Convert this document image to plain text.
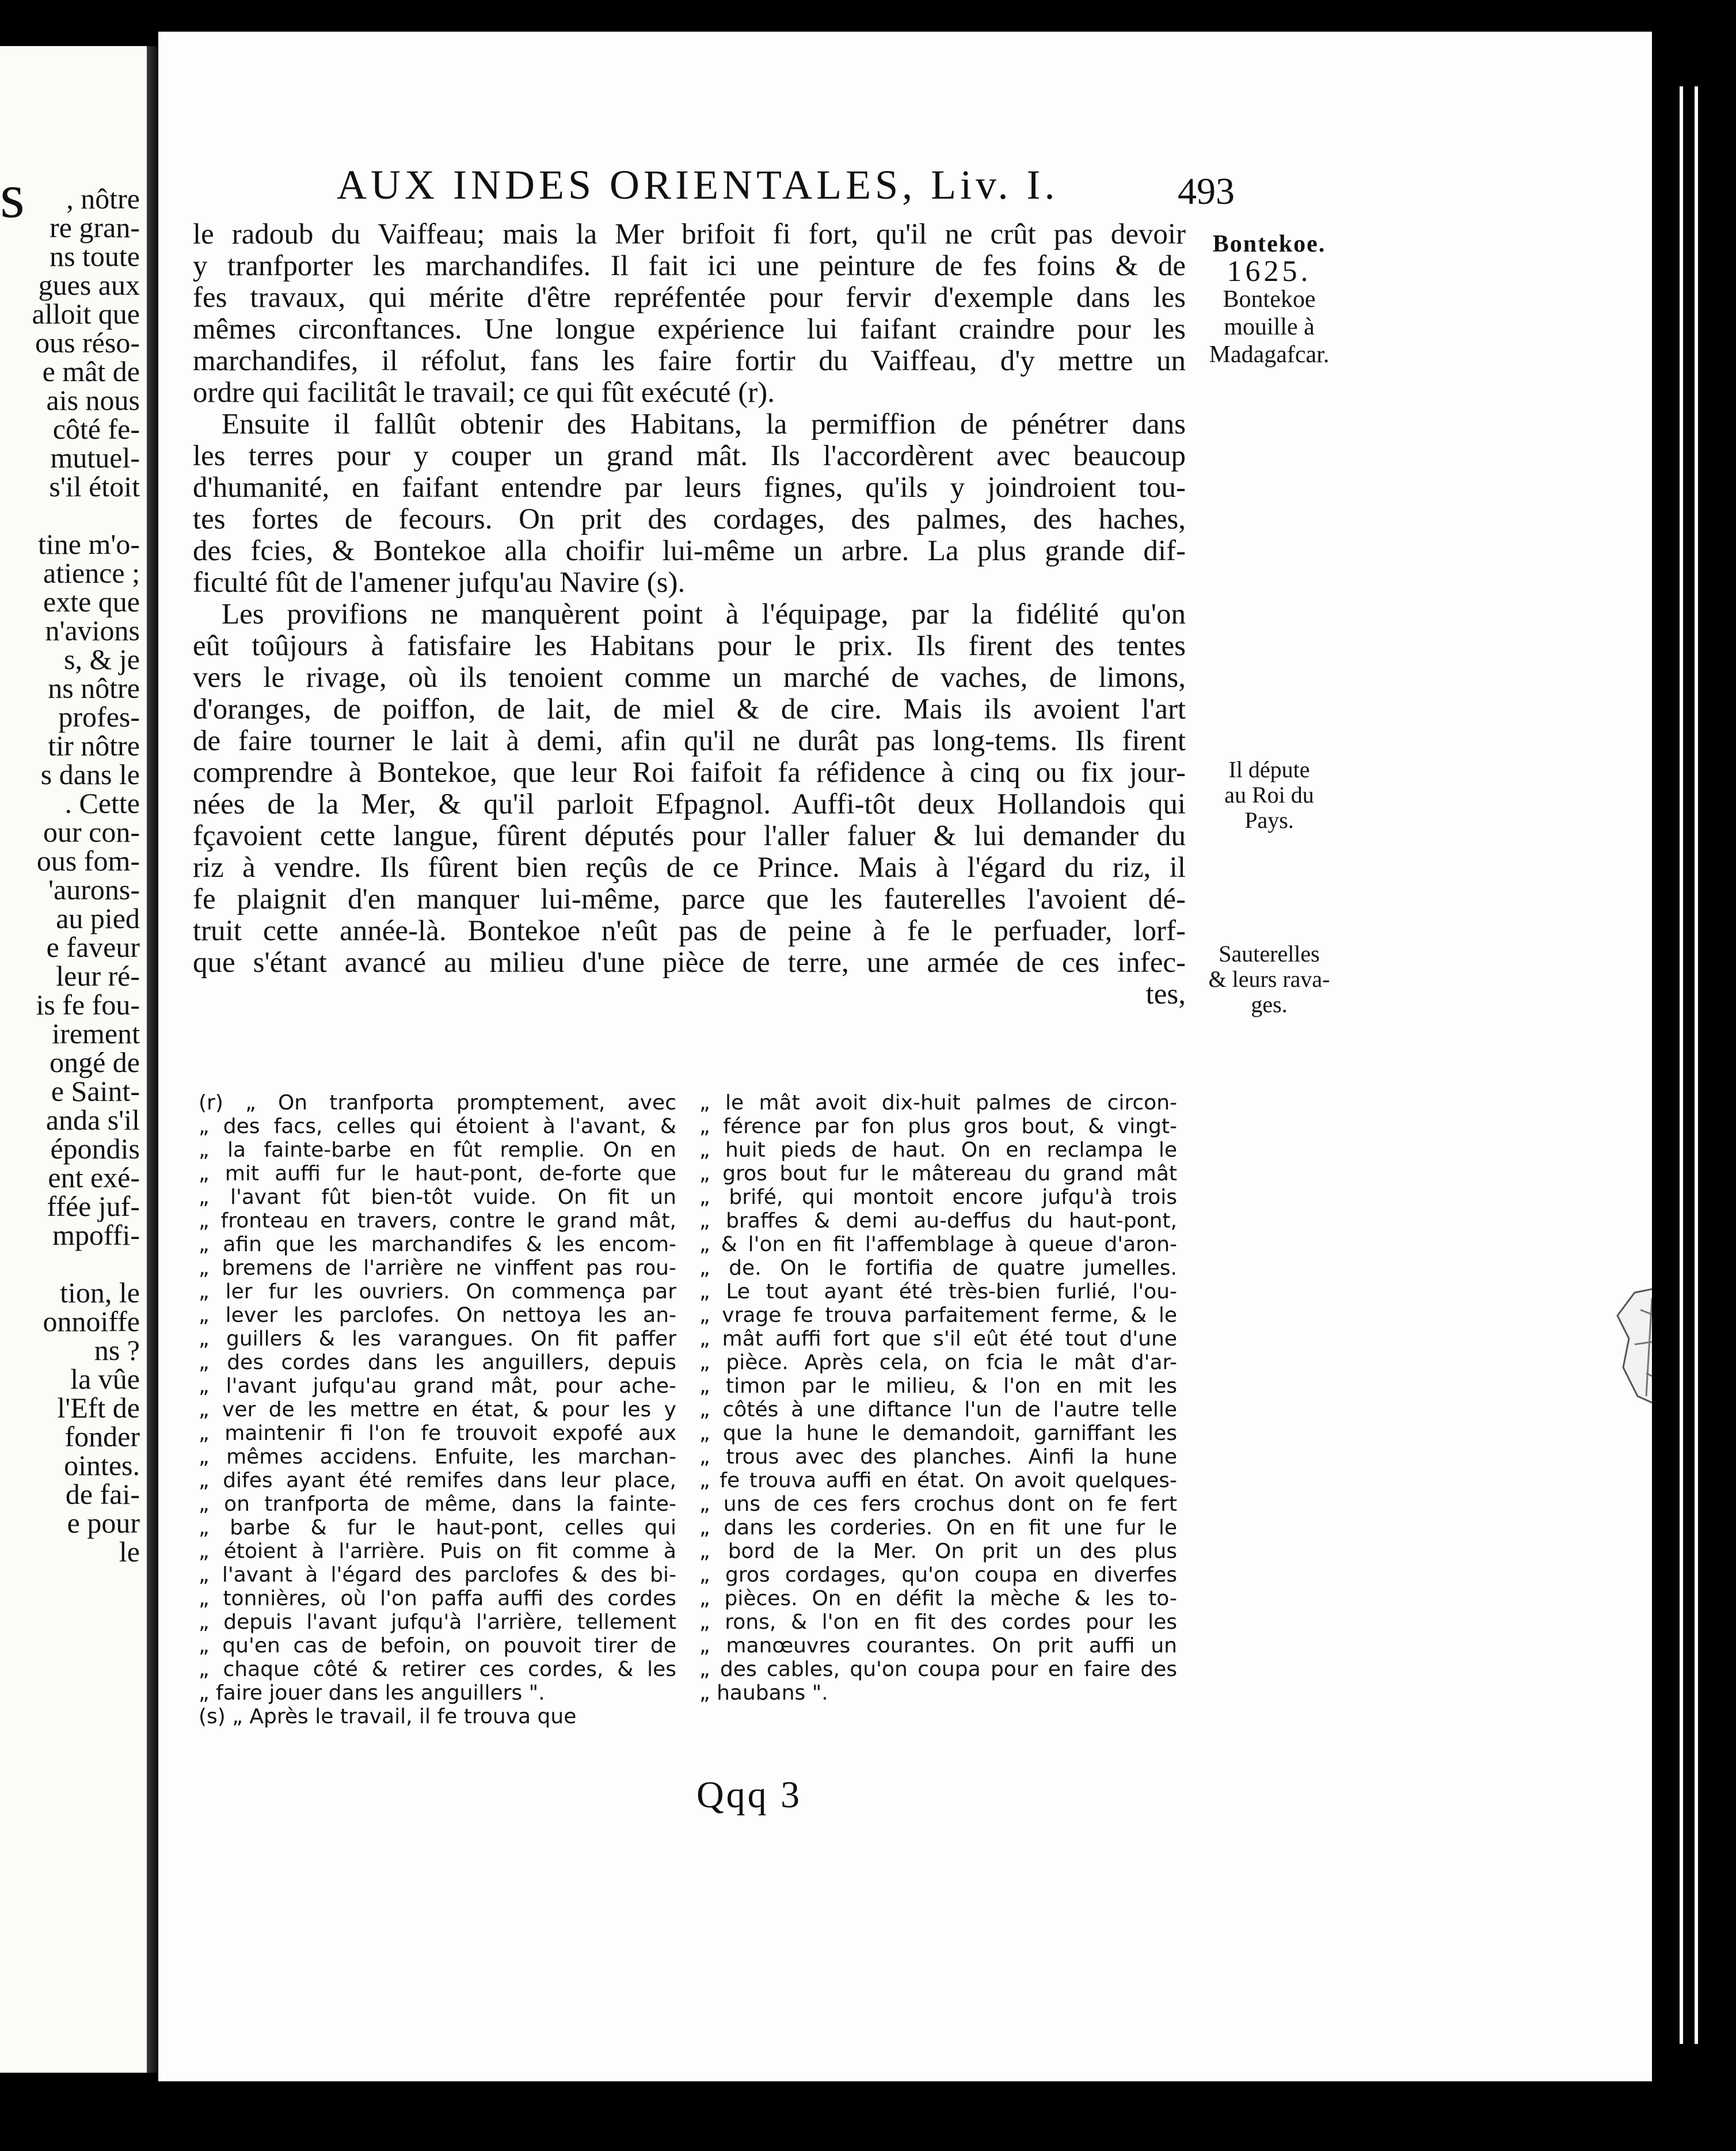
s , nôtre
re gran-
ns toute
gues aux
alloit que
ous réso-
e mât de
ais nous
côté fe-
mutuel-
s'il étoit
tine m'o-
atience ;
exte que
n'avions
s, & je
ns nôtre
profes-
tir nôtre
s dans le
. Cette
our con-
ous fom-
'aurons-
au pied
e faveur
leur ré-
is fe fou-
irement
ongé de
e Saint-
anda s'il
épondis
ent exé-
ffée juf-
mpoffi-
tion, le
onnoiffe
ns ?
la vûe
l'Eft de
fonder
ointes.
de fai-
e pour
le
AUX INDES ORIENTALES, Liv. I.	493
le radoub du Vaiffeau; mais la Mer brifoit fi fort, qu'il ne crût pas devoir
y tranfporter les marchandifes. Il fait ici une peinture de fes foins & de
fes travaux, qui mérite d'être repréfentée pour fervir d'exemple dans les
mêmes circonftances. Une longue expérience lui faifant craindre pour les
marchandifes, il réfolut, fans les faire fortir du Vaiffeau, d'y mettre un
ordre qui facilitât le travail; ce qui fût exécuté (r).
Ensuite il fallût obtenir des Habitans, la permiffion de pénétrer dans
les terres pour y couper un grand mât. Ils l'accordèrent avec beaucoup
d'humanité, en faifant entendre par leurs fignes, qu'ils y joindroient tou-
tes fortes de fecours. On prit des cordages, des palmes, des haches,
des fcies, & Bontekoe alla choifir lui-même un arbre. La plus grande dif-
ficulté fût de l'amener jufqu'au Navire (s).
Les provifions ne manquèrent point à l'équipage, par la fidélité qu'on
eût toûjours à fatisfaire les Habitans pour le prix. Ils firent des tentes
vers le rivage, où ils tenoient comme un marché de vaches, de limons,
d'oranges, de poiffon, de lait, de miel & de cire. Mais ils avoient l'art
de faire tourner le lait à demi, afin qu'il ne durât pas long-tems. Ils firent
comprendre à Bontekoe, que leur Roi faifoit fa réfidence à cinq ou fix jour-
nées de la Mer, & qu'il parloit Efpagnol. Auffi-tôt deux Hollandois qui
fçavoient cette langue, fûrent députés pour l'aller faluer & lui demander du
riz à vendre. Ils fûrent bien reçûs de ce Prince. Mais à l'égard du riz, il
fe plaignit d'en manquer lui-même, parce que les fauterelles l'avoient dé-
truit cette année-là. Bontekoe n'eût pas de peine à fe le perfuader, lorf-
que s'étant avancé au milieu d'une pièce de terre, une armée de ces infec-
tes,
Bontekoe.
1625.
Bontekoe
mouille à
Madagafcar.
Il députe
au Roi du
Pays.
Sauterelles
& leurs rava-
ges.
(r) „ On tranfporta promptement, avec
„ des facs, celles qui étoient à l'avant, &
„ la fainte-barbe en fût remplie. On en
„ mit auffi fur le haut-pont, de-forte que
„ l'avant fût bien-tôt vuide. On fit un
„ fronteau en travers, contre le grand mât,
„ afin que les marchandifes & les encom-
„ bremens de l'arrière ne vinffent pas rou-
„ ler fur les ouvriers. On commença par
„ lever les parclofes. On nettoya les an-
„ guillers & les varangues. On fit paffer
„ des cordes dans les anguillers, depuis
„ l'avant jufqu'au grand mât, pour ache-
„ ver de les mettre en état, & pour les y
„ maintenir fi l'on fe trouvoit expofé aux
„ mêmes accidens. Enfuite, les marchan-
„ difes ayant été remifes dans leur place,
„ on tranfporta de même, dans la fainte-
„ barbe & fur le haut-pont, celles qui
„ étoient à l'arrière. Puis on fit comme à
„ l'avant à l'égard des parclofes & des bi-
„ tonnières, où l'on paffa auffi des cordes
„ depuis l'avant jufqu'à l'arrière, tellement
„ qu'en cas de befoin, on pouvoit tirer de
„ chaque côté & retirer ces cordes, & les
„ faire jouer dans les anguillers ".
(s) „ Après le travail, il fe trouva que
„ le mât avoit dix-huit palmes de circon-
„ férence par fon plus gros bout, & vingt-
„ huit pieds de haut. On en reclampa le
„ gros bout fur le mâtereau du grand mât
„ brifé, qui montoit encore jufqu'à trois
„ braffes & demi au-deffus du haut-pont,
„ & l'on en fit l'affemblage à queue d'aron-
„ de. On le fortifia de quatre jumelles.
„ Le tout ayant été très-bien furlié, l'ou-
„ vrage fe trouva parfaitement ferme, & le
„ mât auffi fort que s'il eût été tout d'une
„ pièce. Après cela, on fcia le mât d'ar-
„ timon par le milieu, & l'on en mit les
„ côtés à une diftance l'un de l'autre telle
„ que la hune le demandoit, garniffant les
„ trous avec des planches. Ainfi la hune
„ fe trouva auffi en état. On avoit quelques-
„ uns de ces fers crochus dont on fe fert
„ dans les corderies. On en fit une fur le
„ bord de la Mer. On prit un des plus
„ gros cordages, qu'on coupa en diverfes
„ pièces. On en défit la mèche & les to-
„ rons, & l'on en fit des cordes pour les
„ manœuvres courantes. On prit auffi un
„ des cables, qu'on coupa pour en faire des
„ haubans ".
Qqq 3
